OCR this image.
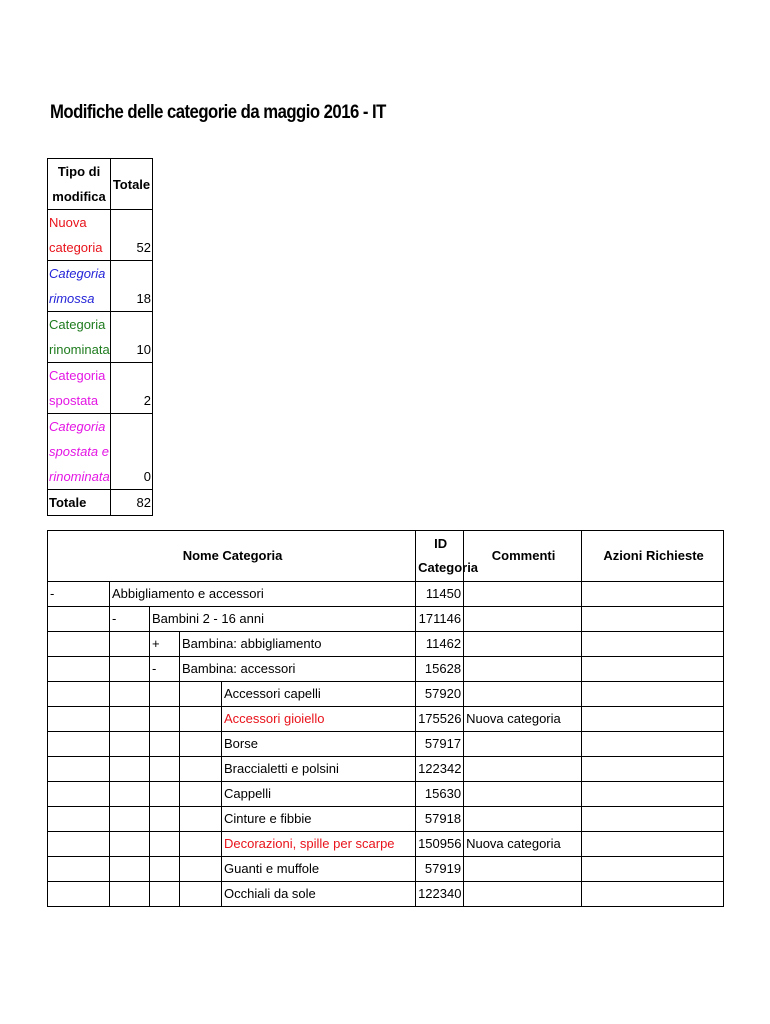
Modifiche delle categorie da maggio 2016 - IT
Tipo di modifica	Totale
Nuova categoria	52
Categoria rimossa	18
Categoria rinominata	10
Categoria spostata	2
Categoria spostata e rinominata	0
Totale	82
Nome Categoria					ID Categoria	Commenti	Azioni Richieste
-	Abbigliamento e accessori				11450		
	-	Bambini 2 - 16 anni			171146		
		+	Bambina: abbigliamento		11462		
		-	Bambina: accessori		15628		
				Accessori capelli	57920		
				Accessori gioiello	175526	Nuova categoria	
				Borse	57917		
				Braccialetti e polsini	122342		
				Cappelli	15630		
				Cinture e fibbie	57918		
				Decorazioni, spille per scarpe	150956	Nuova categoria	
				Guanti e muffole	57919		
				Occhiali da sole	122340		
